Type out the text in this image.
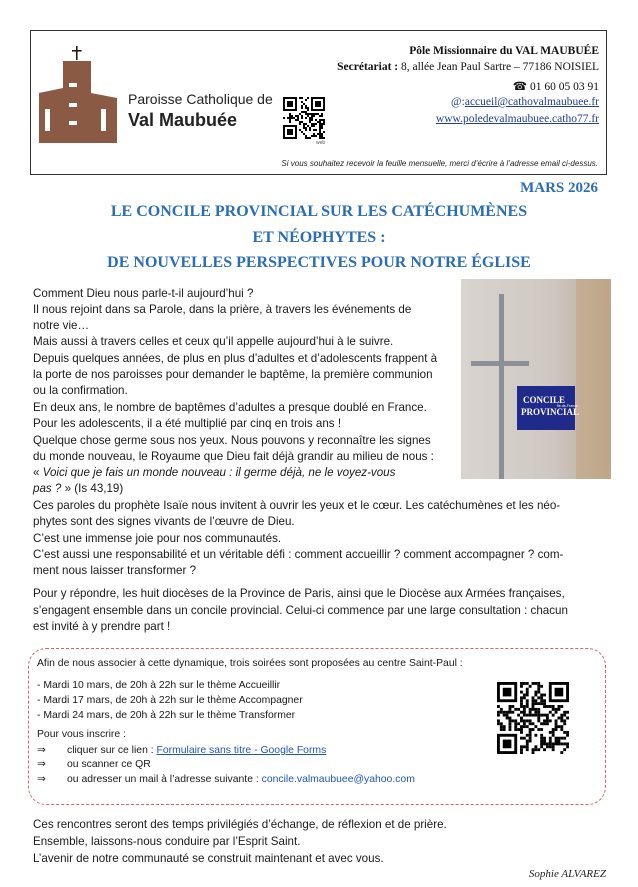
Paroisse Catholique de
Val Maubuée
web
Pôle Missionnaire du VAL MAUBUÉE
Secrétariat : 8, allée Jean Paul Sartre – 77186 NOISIEL
☎ 01 60 05 03 91
@:accueil@cathovalmaubuee.fr
www.poledevalmaubuee.catho77.fr
Si vous souhaitez recevoir la feuille mensuelle, merci d’écrire à l’adresse email ci-dessus.
MARS 2026
LE CONCILE PROVINCIAL SUR LES CATÉCHUMÈNES
ET NÉOPHYTES :
DE NOUVELLES PERSPECTIVES POUR NOTRE ÉGLISE
CONCILE
PROVINCIAL
Île-de-France
Comment Dieu nous parle-t-il aujourd’hui ?
Il nous rejoint dans sa Parole, dans la prière, à travers les événements de
notre vie…
Mais aussi à travers celles et ceux qu’il appelle aujourd’hui à le suivre.
Depuis quelques années, de plus en plus d’adultes et d’adolescents frappent à
la porte de nos paroisses pour demander le baptême, la première communion
ou la confirmation.
En deux ans, le nombre de baptêmes d’adultes a presque doublé en France.
Pour les adolescents, il a été multiplié par cinq en trois ans !
Quelque chose germe sous nos yeux. Nous pouvons y reconnaître les signes
du monde nouveau, le Royaume que Dieu fait déjà grandir au milieu de nous :
« Voici que je fais un monde nouveau : il germe déjà, ne le voyez-vous
pas ? » (Is 43,19)
Ces paroles du prophète Isaïe nous invitent à ouvrir les yeux et le cœur. Les catéchumènes et les néo-
phytes sont des signes vivants de l’œuvre de Dieu.
C’est une immense joie pour nos communautés.
C’est aussi une responsabilité et un véritable défi : comment accueillir ? comment accompagner ? com-
ment nous laisser transformer ?
Pour y répondre, les huit diocèses de la Province de Paris, ainsi que le Diocèse aux Armées françaises,
s’engagent ensemble dans un concile provincial. Celui-ci commence par une large consultation : chacun
est invité à y prendre part !
Afin de nous associer à cette dynamique, trois soirées sont proposées au centre Saint-Paul :
- Mardi 10 mars, de 20h à 22h sur le thème Accueillir
- Mardi 17 mars, de 20h à 22h sur le thème Accompagner
- Mardi 24 mars, de 20h à 22h sur le thème Transformer
Pour vous inscrire :
⇒ cliquer sur ce lien : Formulaire sans titre - Google Forms
⇒ ou scanner ce QR
⇒ ou adresser un mail à l’adresse suivante : concile.valmaubuee@yahoo.com
Ces rencontres seront des temps privilégiés d’échange, de réflexion et de prière.
Ensemble, laissons-nous conduire par l’Esprit Saint.
L’avenir de notre communauté se construit maintenant et avec vous.
Sophie ALVAREZ
